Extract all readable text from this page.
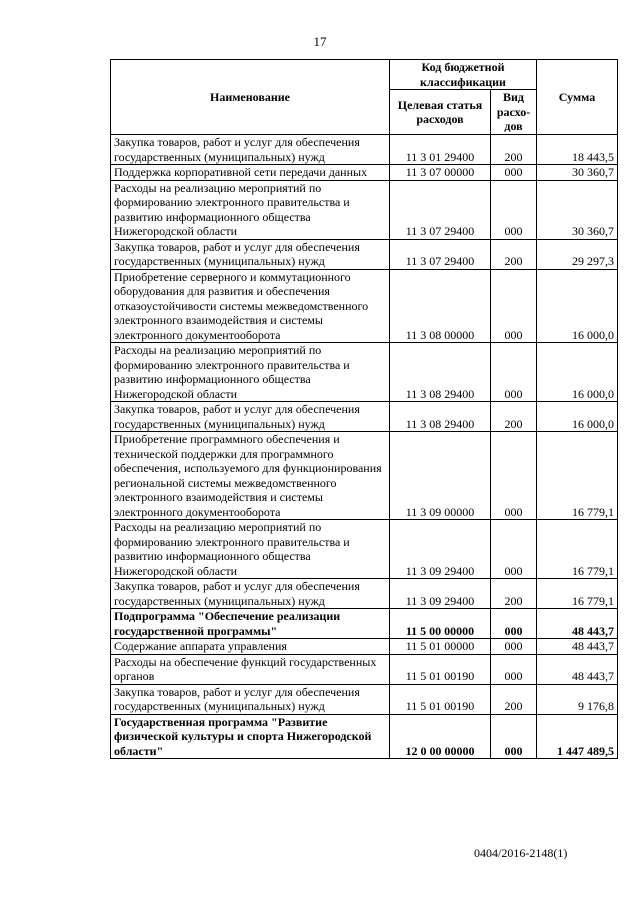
17
Наименование	Код бюджетной классификации		Сумма
	Целевая статья расходов	Вид расхо-дов	
Закупка товаров, работ и услуг для обеспечения государственных (муниципальных) нужд	11 3 01 29400	200	18 443,5
Поддержка корпоративной сети передачи данных	11 3 07 00000	000	30 360,7
Расходы на реализацию мероприятий по формированию электронного правительства и развитию информационного общества Нижегородской области	11 3 07 29400	000	30 360,7
Закупка товаров, работ и услуг для обеспечения государственных (муниципальных) нужд	11 3 07 29400	200	29 297,3
Приобретение серверного и коммутационного оборудования для развития и обеспечения отказоустойчивости системы межведомственного электронного взаимодействия и системы электронного документооборота	11 3 08 00000	000	16 000,0
Расходы на реализацию мероприятий по формированию электронного правительства и развитию информационного общества Нижегородской области	11 3 08 29400	000	16 000,0
Закупка товаров, работ и услуг для обеспечения государственных (муниципальных) нужд	11 3 08 29400	200	16 000,0
Приобретение программного обеспечения и технической поддержки для программного обеспечения, используемого для функционирования региональной системы межведомственного электронного взаимодействия и системы электронного документооборота	11 3 09 00000	000	16 779,1
Расходы на реализацию мероприятий по формированию электронного правительства и развитию информационного общества Нижегородской области	11 3 09 29400	000	16 779,1
Закупка товаров, работ и услуг для обеспечения государственных (муниципальных) нужд	11 3 09 29400	200	16 779,1
Подпрограмма "Обеспечение реализации государственной программы"	11 5 00 00000	000	48 443,7
Содержание аппарата управления	11 5 01 00000	000	48 443,7
Расходы на обеспечение функций государственных органов	11 5 01 00190	000	48 443,7
Закупка товаров, работ и услуг для обеспечения государственных (муниципальных) нужд	11 5 01 00190	200	9 176,8
Государственная программа "Развитие физической культуры и спорта Нижегородской области"	12 0 00 00000	000	1 447 489,5
0404/2016-2148(1)
